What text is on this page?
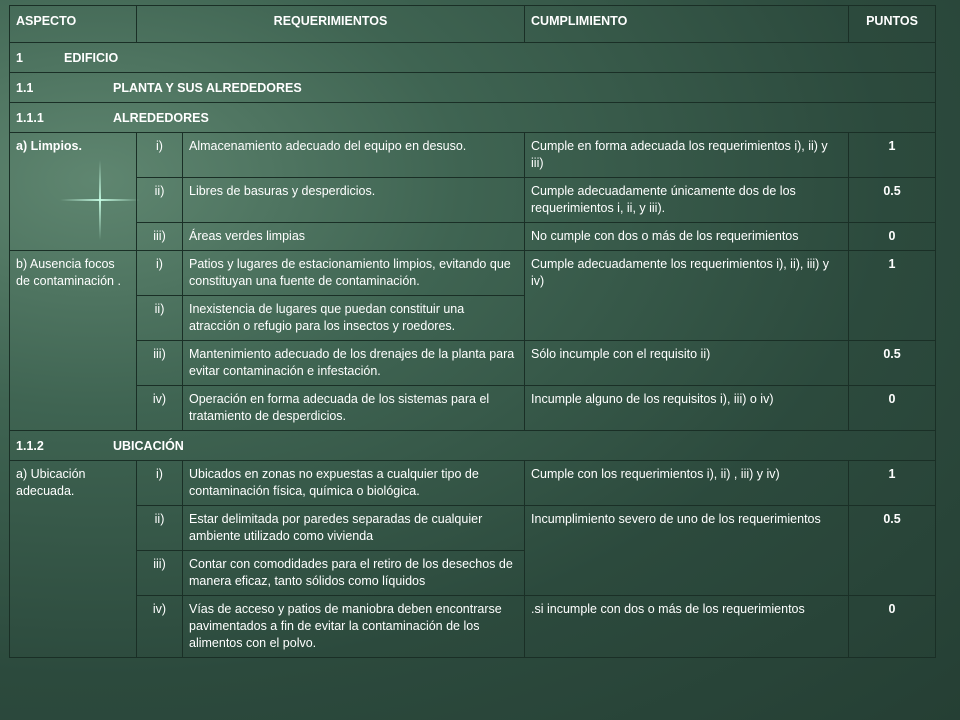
ASPECTO	REQUERIMIENTOS		CUMPLIMIENTO	PUNTOS
1 EDIFICIO				
1.1 PLANTA Y SUS ALREDEDORES				
1.1.1 ALREDEDORES				
a) Limpios.	i)	Almacenamiento adecuado del equipo en desuso.	Cumple en forma adecuada los requerimientos i), ii) y iii)	1
	ii)	Libres de basuras y desperdicios.	Cumple adecuadamente únicamente dos de los requerimientos i, ii, y iii).	0.5
	iii)	Áreas verdes limpias	No cumple con dos o más de los requerimientos	0
b) Ausencia focos de contaminación .	i)	Patios y lugares de estacionamiento limpios, evitando que constituyan una fuente de contaminación.	Cumple adecuadamente los requerimientos i), ii), iii) y iv)	1
	ii)	Inexistencia de lugares que puedan constituir una atracción o refugio para los insectos y roedores.		
	iii)	Mantenimiento adecuado de los drenajes de la planta para evitar contaminación e infestación.	Sólo incumple con el requisito ii)	0.5
	iv)	Operación en forma adecuada de los sistemas para el tratamiento de desperdicios.	Incumple alguno de los requisitos i), iii) o iv)	0
1.1.2 UBICACIÓN				
a) Ubicación adecuada.	i)	Ubicados en zonas no expuestas a cualquier tipo de contaminación física, química o biológica.	Cumple con los requerimientos i), ii) , iii) y iv)	1
	ii)	Estar delimitada por paredes separadas de cualquier ambiente utilizado como vivienda	Incumplimiento severo de uno de los requerimientos	0.5
	iii)	Contar con comodidades para el retiro de los desechos de manera eficaz, tanto sólidos como líquidos		
	iv)	Vías de acceso y patios de maniobra deben encontrarse pavimentados a fin de evitar la contaminación de los alimentos con el polvo.	.si incumple con dos o más de los requerimientos	0
